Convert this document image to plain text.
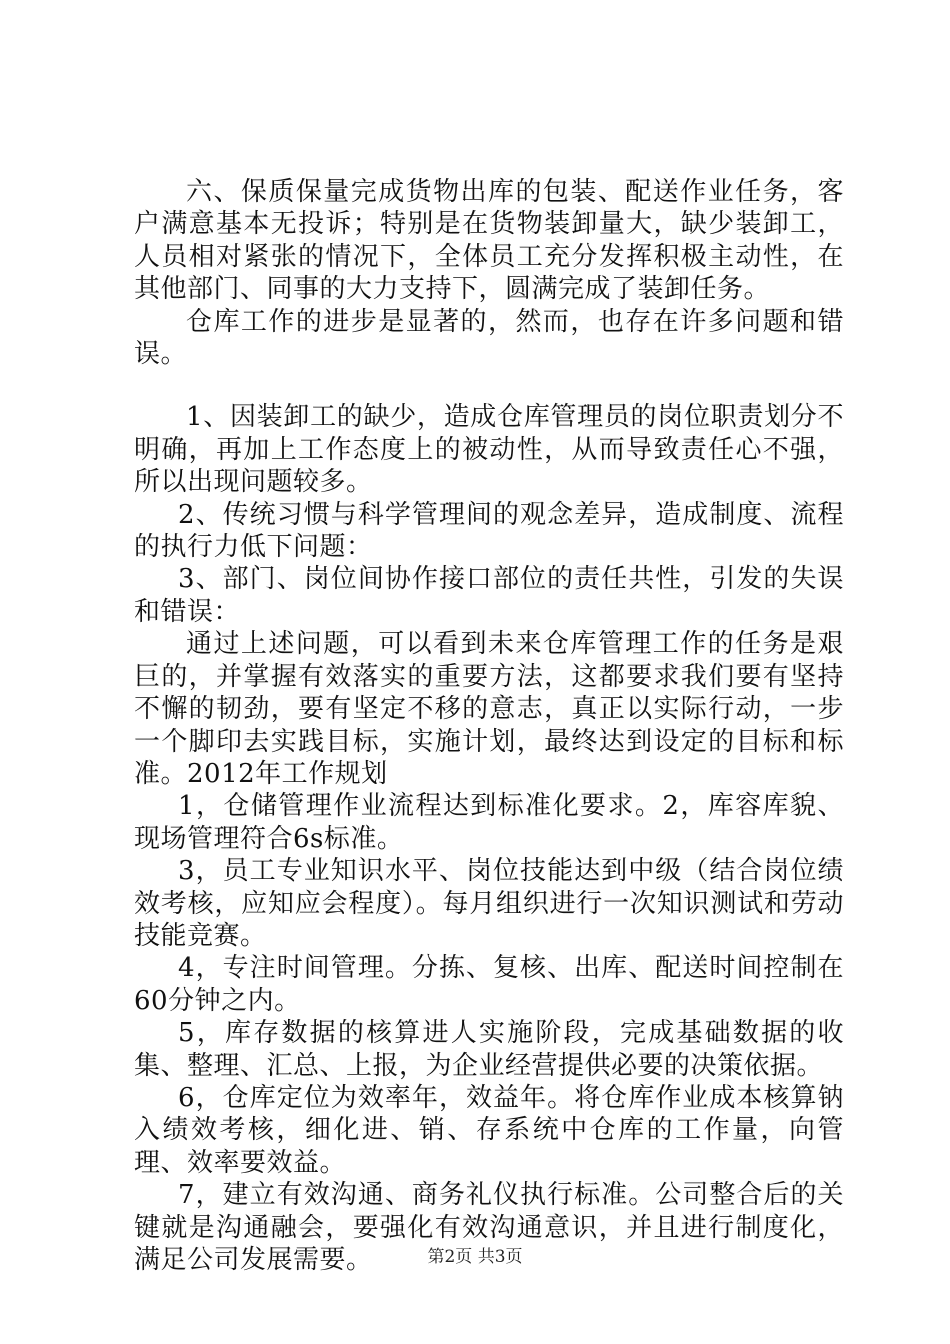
六、保质保量完成货物出库的包装、配送作业任务，客户满意基本无投诉；特别是在货物装卸量大，缺少装卸工，人员相对紧张的情况下，全体员工充分发挥积极主动性，在其他部门、同事的大力支持下，圆满完成了装卸任务。

仓库工作的进步是显著的，然而，也存在许多问题和错误。

1、因装卸工的缺少，造成仓库管理员的岗位职责划分不明确，再加上工作态度上的被动性，从而导致责任心不强，所以出现问题较多。

2、传统习惯与科学管理间的观念差异，造成制度、流程的执行力低下问题：

3、部门、岗位间协作接口部位的责任共性，引发的失误和错误：

通过上述问题，可以看到未来仓库管理工作的任务是艰巨的，并掌握有效落实的重要方法，这都要求我们要有坚持不懈的韧劲，要有坚定不移的意志，真正以实际行动，一步一个脚印去实践目标，实施计划，最终达到设定的目标和标准。2012年工作规划

1，仓储管理作业流程达到标准化要求。2，库容库貌、现场管理符合6s标准。

3，员工专业知识水平、岗位技能达到中级（结合岗位绩效考核，应知应会程度）。每月组织进行一次知识测试和劳动技能竞赛。

4，专注时间管理。分拣、复核、出库、配送时间控制在60分钟之内。

5，库存数据的核算进人实施阶段，完成基础数据的收集、整理、汇总、上报，为企业经营提供必要的决策依据。

6，仓库定位为效率年，效益年。将仓库作业成本核算钠入绩效考核，细化进、销、存系统中仓库的工作量，向管理、效率要效益。

7，建立有效沟通、商务礼仪执行标准。公司整合后的关键就是沟通融会，要强化有效沟通意识，并且进行制度化，满足公司发展需要。	第2页 共3页
